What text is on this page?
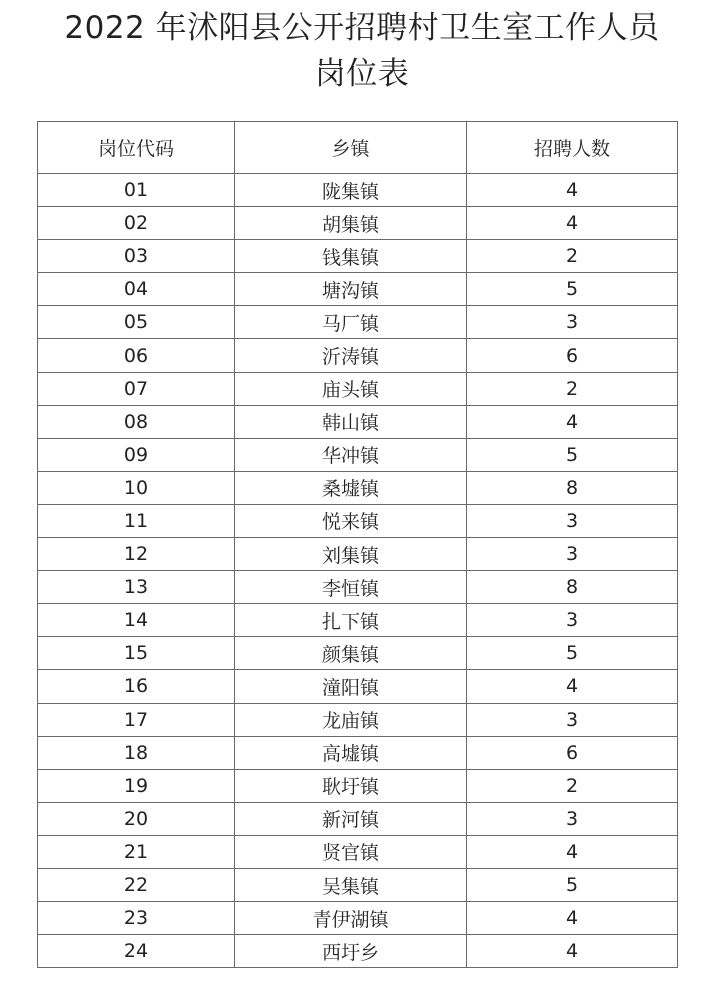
2022 年沭阳县公开招聘村卫生室工作人员
岗位表
岗位代码	乡镇	招聘人数
01	陇集镇	4
02	胡集镇	4
03	钱集镇	2
04	塘沟镇	5
05	马厂镇	3
06	沂涛镇	6
07	庙头镇	2
08	韩山镇	4
09	华冲镇	5
10	桑墟镇	8
11	悦来镇	3
12	刘集镇	3
13	李恒镇	8
14	扎下镇	3
15	颜集镇	5
16	潼阳镇	4
17	龙庙镇	3
18	高墟镇	6
19	耿圩镇	2
20	新河镇	3
21	贤官镇	4
22	吴集镇	5
23	青伊湖镇	4
24	西圩乡	4
